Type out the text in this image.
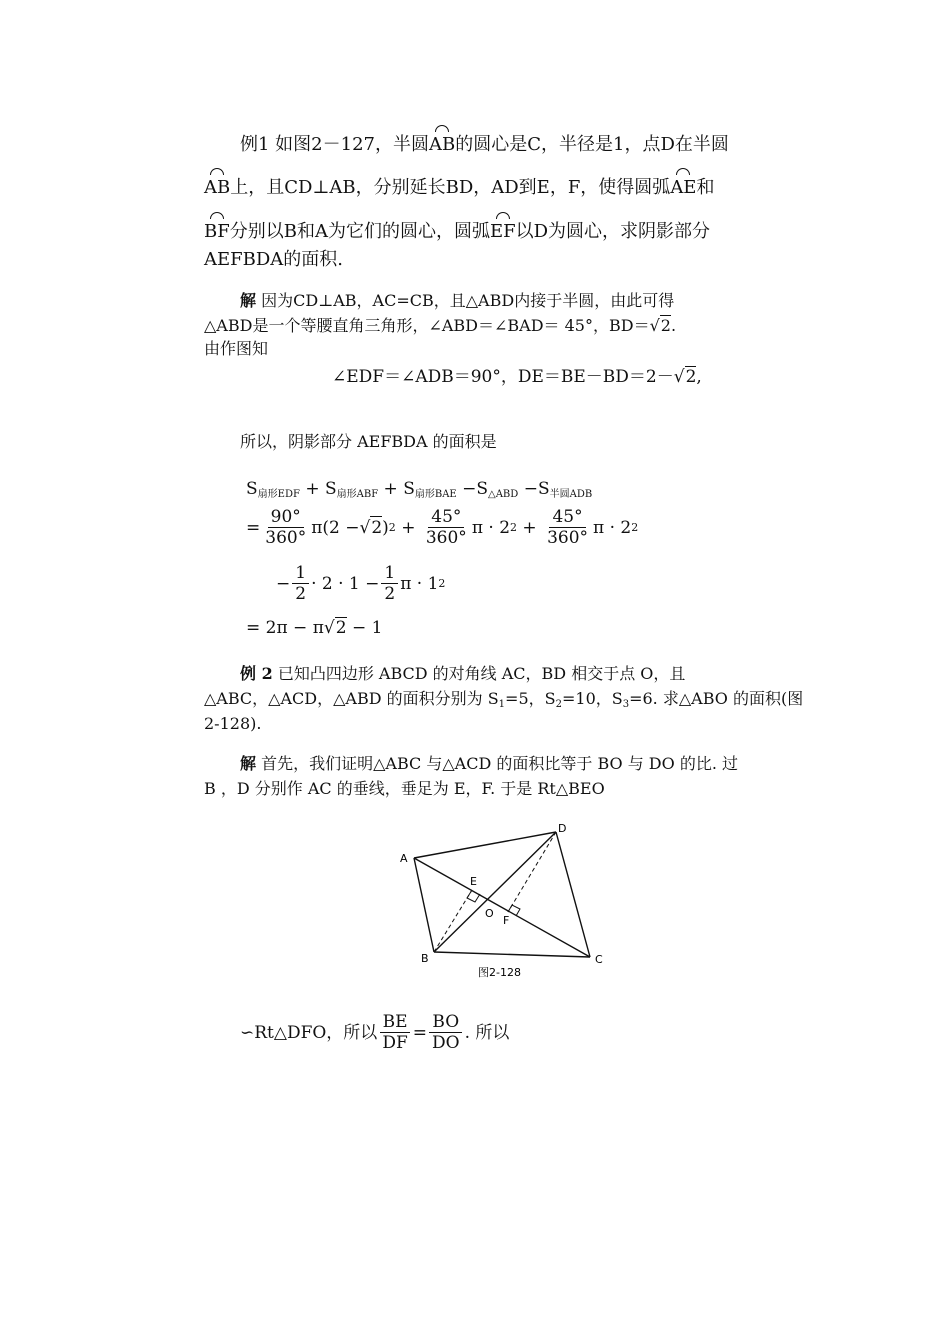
例1 如图2－127，半圆AB的圆心是C，半径是1，点D在半圆
AB上，且CD⊥AB，分别延长BD，AD到E，F，使得圆弧AE和
BF分别以B和A为它们的圆心，圆弧EF以D为圆心，求阴影部分
AEFBDA的面积.
解 因为CD⊥AB，AC=CB，且△ABD内接于半圆，由此可得
△ABD是一个等腰直角三角形，∠ABD＝∠BAD＝ 45°，BD＝√2.
由作图知
∠EDF＝∠ADB＝90°，DE＝BE－BD＝2－√2,
所以，阴影部分 AEFBDA 的面积是
$S_{扇形EDF} + S_{扇形ABF} + S_{扇形BAE} -S_{\triangle ABD} -S_{半圆ADB}$
= $\frac{90^\circ}{360^\circ} \pi(2$ − √ 2 ) $2 + \frac{45^\circ}{360^\circ}$ π · 2 $2 + \frac{45^\circ}{360^\circ}$ π · 2 2
− $\frac{1}{2} \cdot 2 \cdot 1 - \frac{1}{2}$ π · 1 2
= 2π − π√2 − 1
例 2 已知凸四边形 ABCD 的对角线 AC，BD 相交于点 O，且
△ABC，△ACD，△ABD 的面积分别为 $S_1=5$，$S_2=10$，$S_3=6$. 求△ABO 的面积(图
2-128).
解 首先，我们证明△ABC 与△ACD 的面积比等于 BO 与 DO 的比. 过
B ，D 分别作 AC 的垂线，垂足为 E，F. 于是 Rt△BEO
A
B	C
D
E
F
O
图2-128
∽Rt△DFO，所以 $\frac{BE}{DF} = \frac{BO}{DO}$ . 所以
